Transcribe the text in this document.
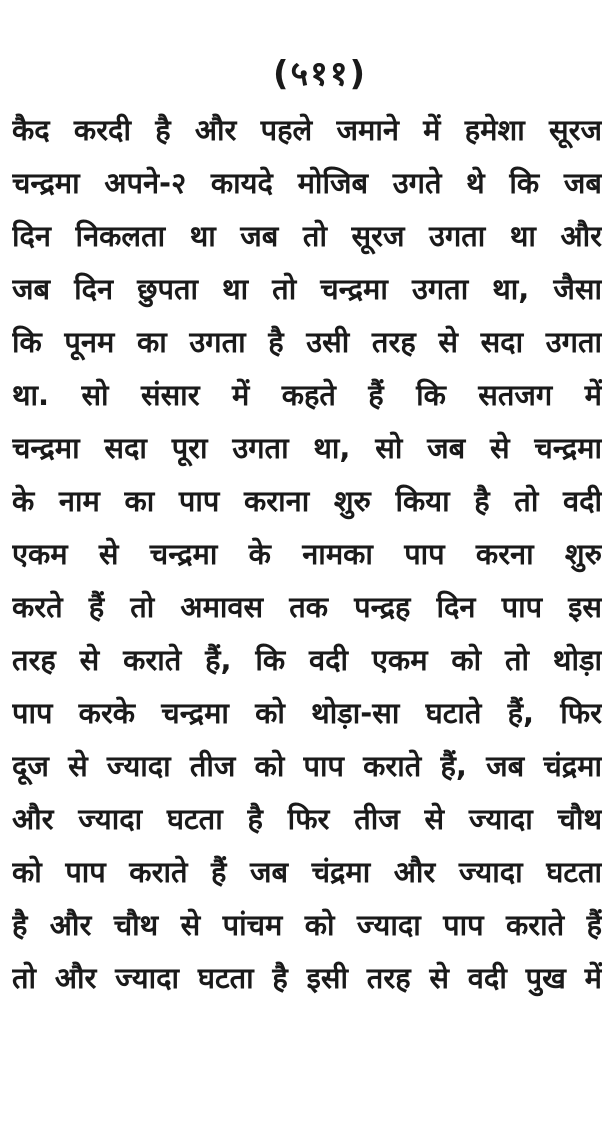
(५११)
कैद करदी है और पहले जमाने में हमेशा सूरज
चन्द्रमा अपने-२ कायदे मोजिब उगते थे कि जब
दिन निकलता था जब तो सूरज उगता था और
जब दिन छुपता था तो चन्द्रमा उगता था, जैसा
कि पूनम का उगता है उसी तरह से सदा उगता
था. सो संसार में कहते हैं कि सतजग में
चन्द्रमा सदा पूरा उगता था, सो जब से चन्द्रमा
के नाम का पाप कराना शुरु किया है तो वदी
एकम से चन्द्रमा के नामका पाप करना शुरु
करते हैं तो अमावस तक पन्द्रह दिन पाप इस
तरह से कराते हैं, कि वदी एकम को तो थोड़ा
पाप करके चन्द्रमा को थोड़ा-सा घटाते हैं, फिर
दूज से ज्यादा तीज को पाप कराते हैं, जब चंद्रमा
और ज्यादा घटता है फिर तीज से ज्यादा चौथ
को पाप कराते हैं जब चंद्रमा और ज्यादा घटता
है और चौथ से पांचम को ज्यादा पाप कराते हैं
तो और ज्यादा घटता है इसी तरह से वदी पुख में
